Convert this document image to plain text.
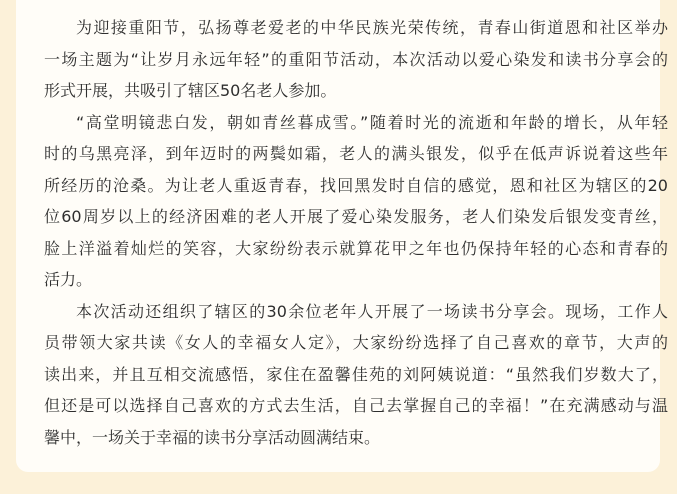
为迎接重阳节，弘扬尊老爱老的中华民族光荣传统，青春山街道恩和社区举办
一场主题为“让岁月永远年轻”的重阳节活动，本次活动以爱心染发和读书分享会的
形式开展，共吸引了辖区50名老人参加。
“高堂明镜悲白发，朝如青丝暮成雪。”随着时光的流逝和年龄的增长，从年轻
时的乌黑亮泽，到年迈时的两鬓如霜，老人的满头银发，似乎在低声诉说着这些年
所经历的沧桑。为让老人重返青春，找回黑发时自信的感觉，恩和社区为辖区的20
位60周岁以上的经济困难的老人开展了爱心染发服务，老人们染发后银发变青丝，
脸上洋溢着灿烂的笑容，大家纷纷表示就算花甲之年也仍保持年轻的心态和青春的
活力。
本次活动还组织了辖区的30余位老年人开展了一场读书分享会。现场，工作人
员带领大家共读《女人的幸福女人定》，大家纷纷选择了自己喜欢的章节，大声的
读出来，并且互相交流感悟，家住在盈馨佳苑的刘阿姨说道：“虽然我们岁数大了，
但还是可以选择自己喜欢的方式去生活，自己去掌握自己的幸福！”在充满感动与温
馨中，一场关于幸福的读书分享活动圆满结束。
